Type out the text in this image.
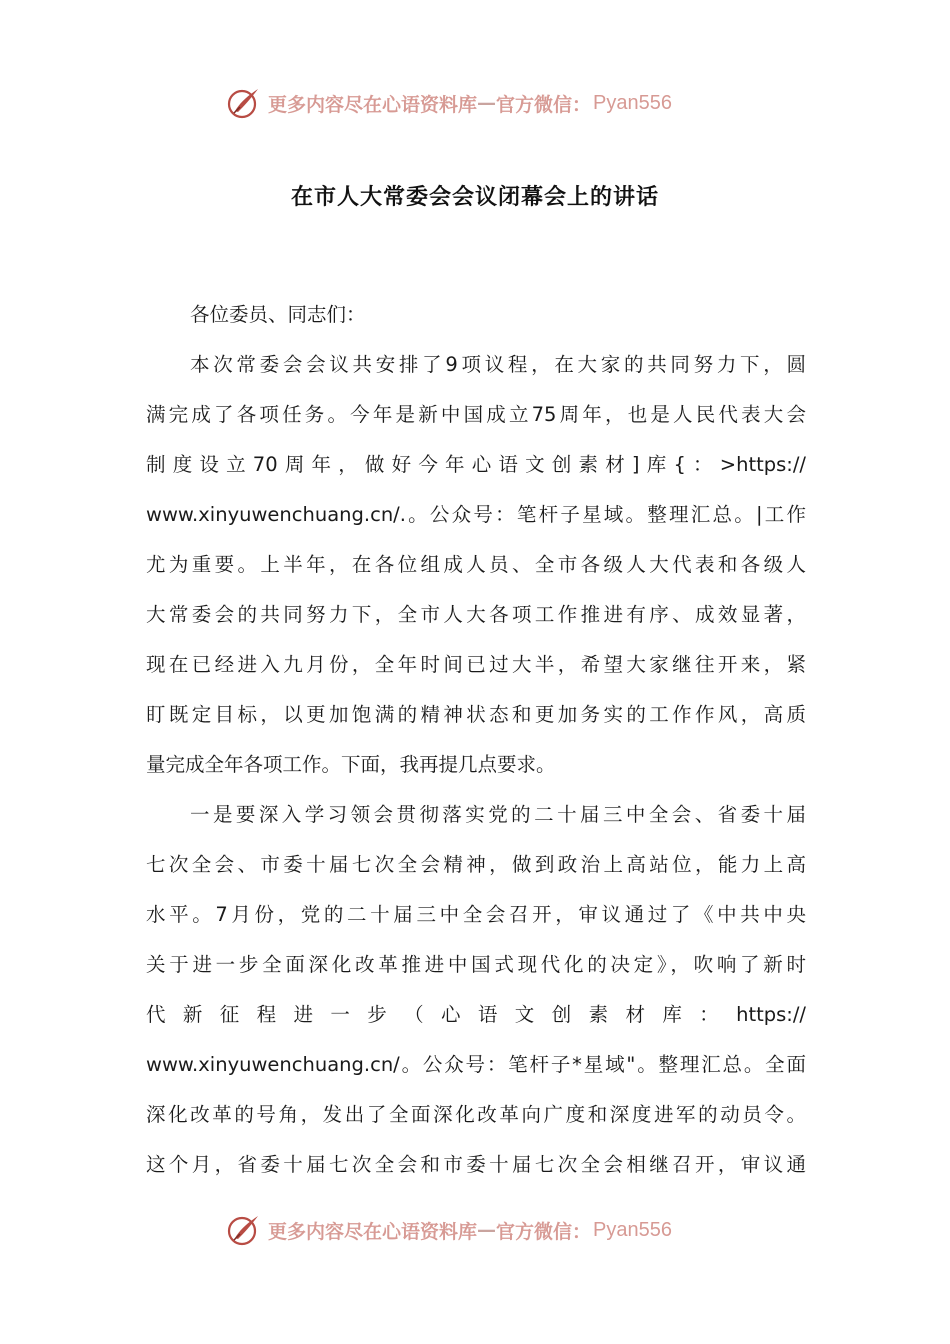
更多内容尽在心语资料库 — 官方微信： Pyan556
在市人大常委会会议闭幕会上的讲话
各位委员、同志们：
本次常委会会议共安排了9项议程，在大家的共同努力下，圆
满完成了各项任务。今年是新中国成立75周年，也是人民代表大会
制度设立70周年，做好今年心语文创素材]库{：>https://
www.xinyuwenchuang.cn/.。公众号：笔杆子星域。整理汇总。|工作
尤为重要。上半年，在各位组成人员、全市各级人大代表和各级人
大常委会的共同努力下，全市人大各项工作推进有序、成效显著，
现在已经进入九月份，全年时间已过大半，希望大家继往开来，紧
盯既定目标，以更加饱满的精神状态和更加务实的工作作风，高质
量完成全年各项工作。下面，我再提几点要求。
一是要深入学习领会贯彻落实党的二十届三中全会、省委十届
七次全会、市委十届七次全会精神，做到政治上高站位，能力上高
水平。7月份，党的二十届三中全会召开，审议通过了《中共中央
关于进一步全面深化改革推进中国式现代化的决定》，吹响了新时
代新征程进一步（心语文创素材库：https://
www.xinyuwenchuang.cn/。公众号：笔杆子*星域"。整理汇总。全面
深化改革的号角，发出了全面深化改革向广度和深度进军的动员令。
这个月，省委十届七次全会和市委十届七次全会相继召开，审议通
更多内容尽在心语资料库 — 官方微信： Pyan556
